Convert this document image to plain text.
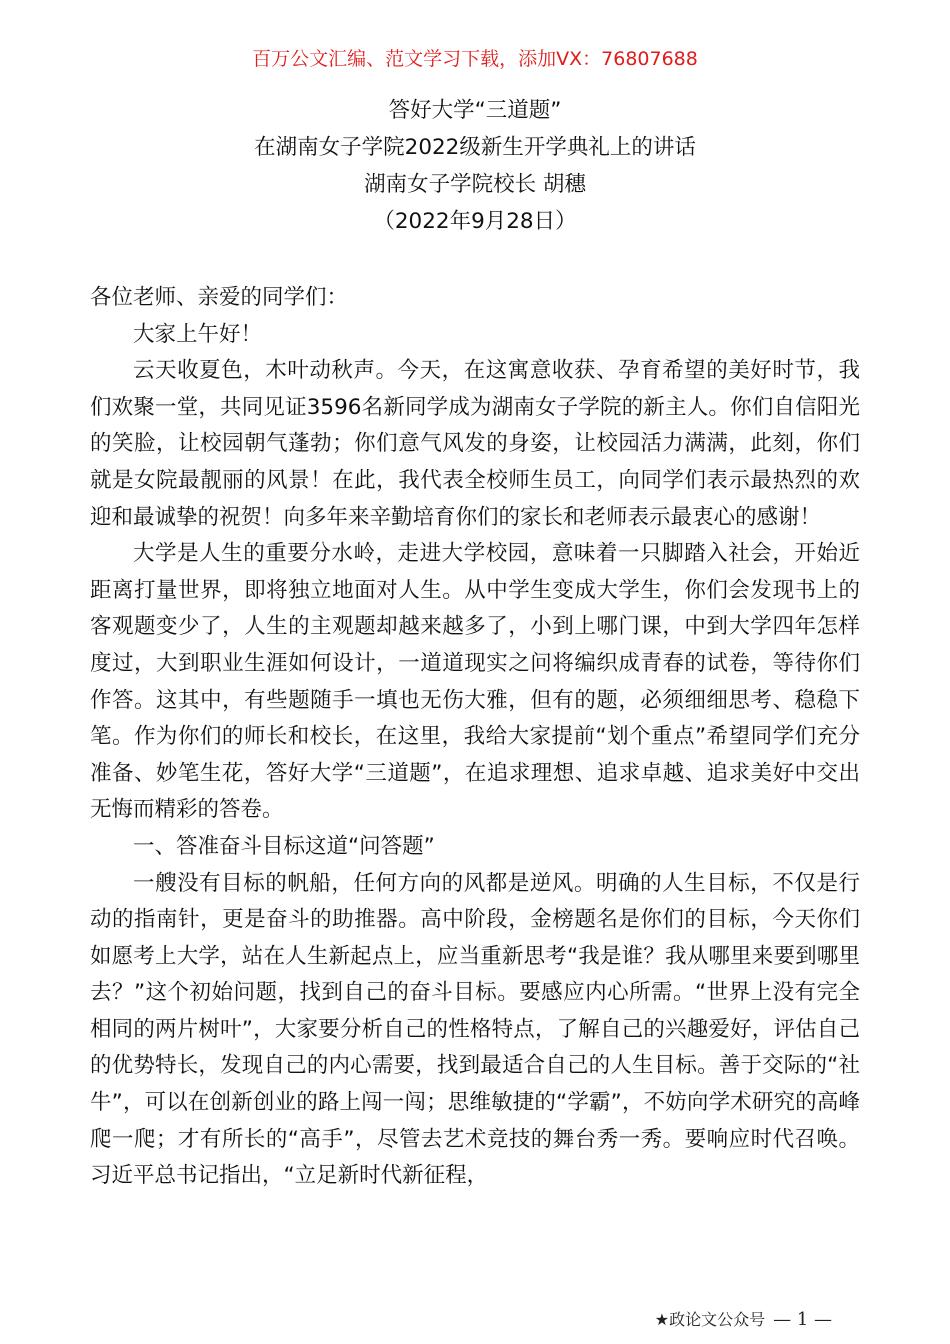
百万公文汇编、范文学习下载，添加VX：76807688
答好大学“三道题”
在湖南女子学院2022级新生开学典礼上的讲话
湖南女子学院校长 胡穗
（2022年9月28日）

各位老师、亲爱的同学们：

大家上午好！

云天收夏色，木叶动秋声。今天，在这寓意收获、孕育希望的美好时节，我们欢聚一堂，共同见证3596名新同学成为湖南女子学院的新主人。你们自信阳光的笑脸，让校园朝气蓬勃；你们意气风发的身姿，让校园活力满满，此刻，你们就是女院最靓丽的风景！在此，我代表全校师生员工，向同学们表示最热烈的欢迎和最诚挚的祝贺！向多年来辛勤培育你们的家长和老师表示最衷心的感谢！

大学是人生的重要分水岭，走进大学校园，意味着一只脚踏入社会，开始近距离打量世界，即将独立地面对人生。从中学生变成大学生，你们会发现书上的客观题变少了，人生的主观题却越来越多了，小到上哪门课，中到大学四年怎样度过，大到职业生涯如何设计，一道道现实之问将编织成青春的试卷，等待你们作答。这其中，有些题随手一填也无伤大雅，但有的题，必须细细思考、稳稳下笔。作为你们的师长和校长，在这里，我给大家提前“划个重点”希望同学们充分准备、妙笔生花，答好大学“三道题”，在追求理想、追求卓越、追求美好中交出无悔而精彩的答卷。

一、答准奋斗目标这道“问答题”

一艘没有目标的帆船，任何方向的风都是逆风。明确的人生目标，不仅是行动的指南针，更是奋斗的助推器。高中阶段，金榜题名是你们的目标，今天你们如愿考上大学，站在人生新起点上，应当重新思考“我是谁？我从哪里来要到哪里去？”这个初始问题，找到自己的奋斗目标。要感应内心所需。“世界上没有完全相同的两片树叶”，大家要分析自己的性格特点，了解自己的兴趣爱好，评估自己的优势特长，发现自己的内心需要，找到最适合自己的人生目标。善于交际的“社牛”，可以在创新创业的路上闯一闯；思维敏捷的“学霸”，不妨向学术研究的高峰爬一爬；才有所长的“高手”，尽管去艺术竞技的舞台秀一秀。要响应时代召唤。习近平总书记指出，“立足新时代新征程，

★政论文公众号 — 1 —
